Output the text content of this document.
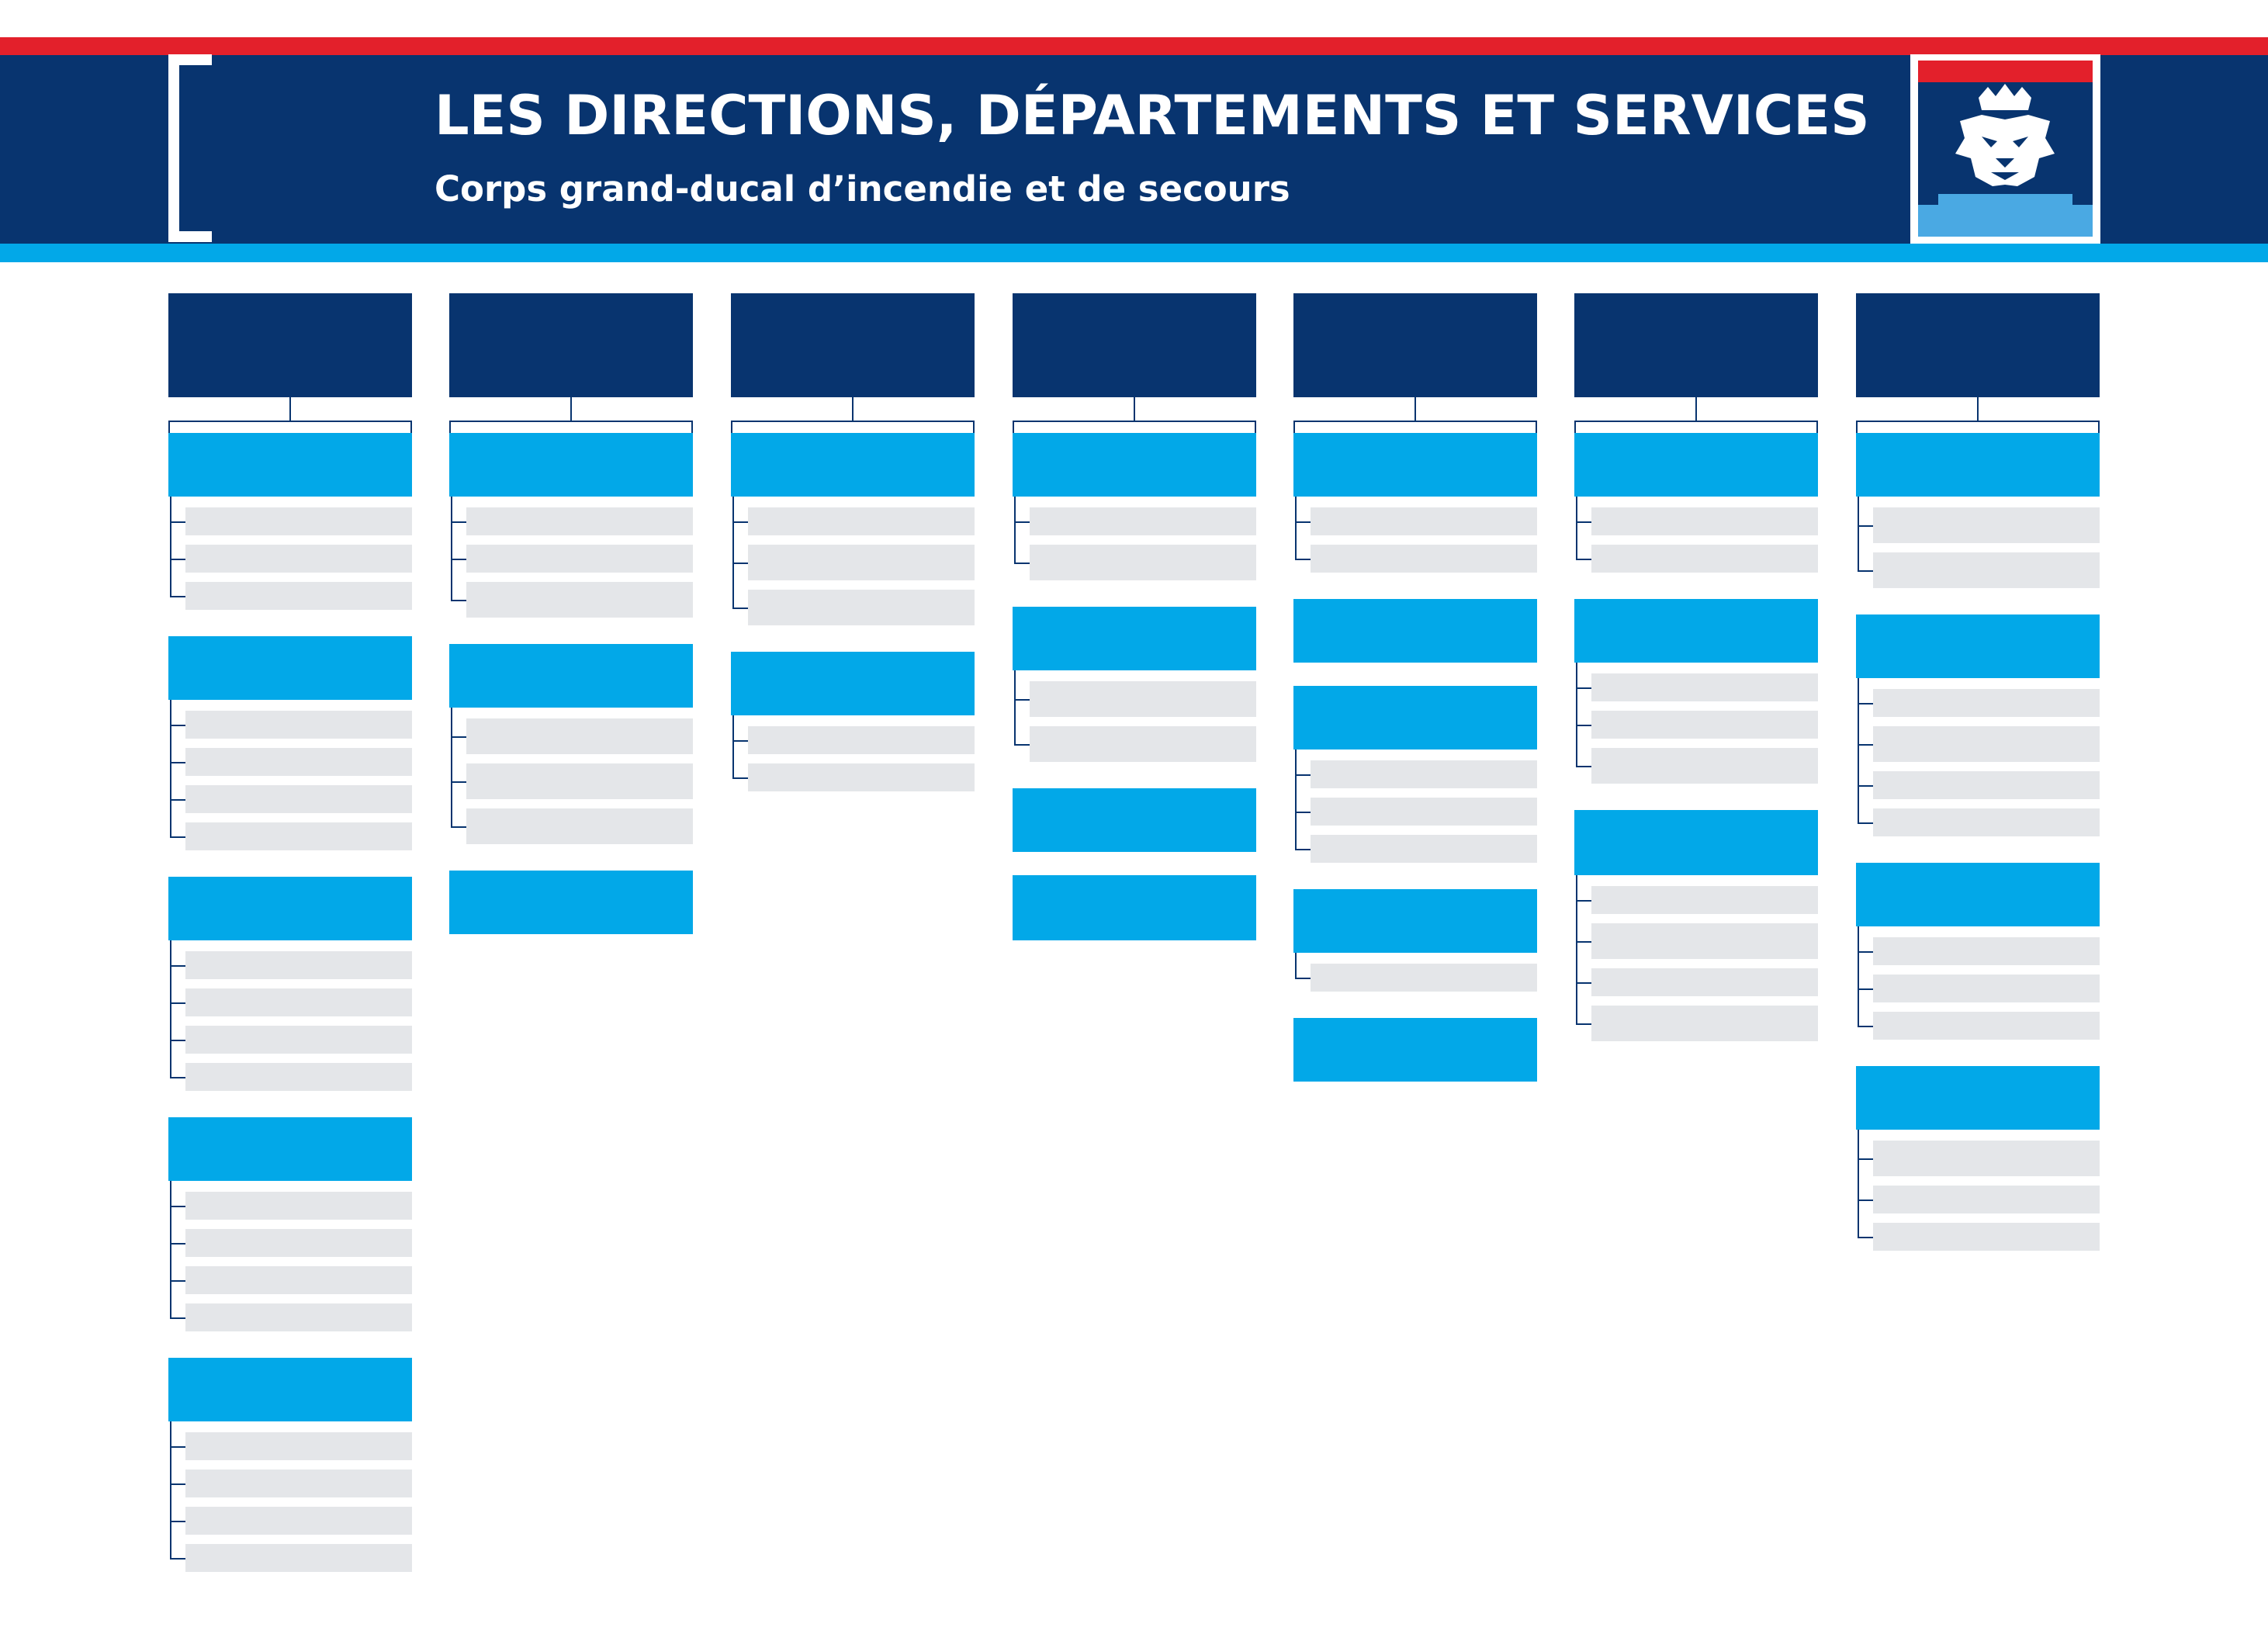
LES DIRECTIONS, DÉPARTEMENTS ET SERVICES
Corps grand-ducal d’incendie et de secours
